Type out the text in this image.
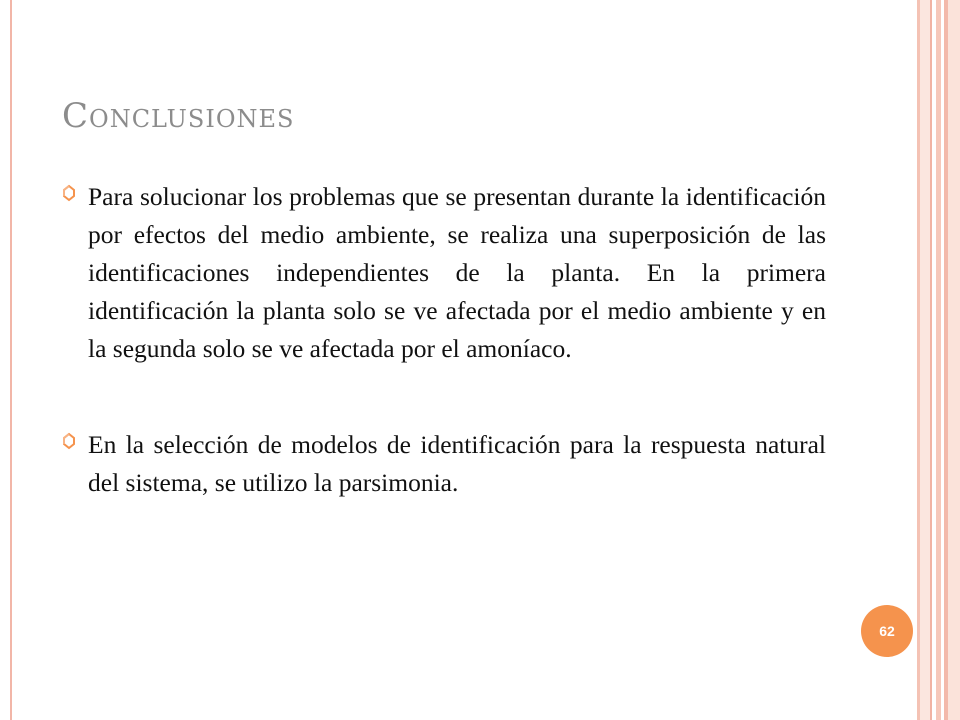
Conclusiones
Para solucionar los problemas que se presentan durante la identificación por efectos del medio ambiente, se realiza una superposición de las identificaciones independientes de la planta. En la primera identificación la planta solo se ve afectada por el medio ambiente y en la segunda solo se ve afectada por el amoníaco.
En la selección de modelos de identificación para la respuesta natural del sistema, se utilizo la parsimonia.
62
